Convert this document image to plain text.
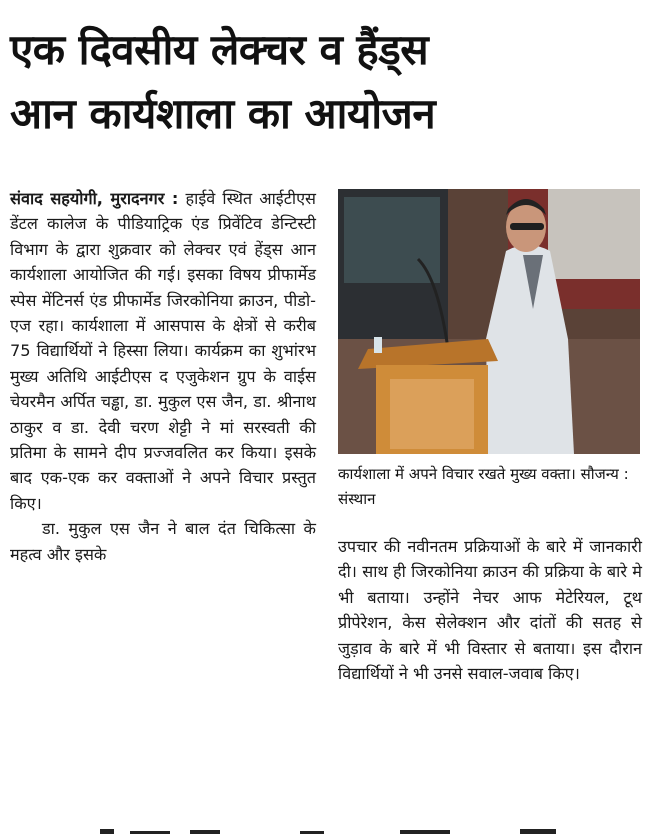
एक दिवसीय लेक्चर व हैंड्स
आन कार्यशाला का आयोजन

संवाद सहयोगी, मुरादनगर : हाईवे स्थित आईटीएस डेंटल कालेज के पीडियाट्रिक एंड प्रिवेंटिव डेन्टिस्टी विभाग के द्वारा शुक्रवार को लेक्चर एवं हेंड्स आन कार्यशाला आयोजित की गई। इसका विषय प्रीफार्मेड स्पेस मेंटिनर्स एंड प्रीफार्मेड जिरकोनिया क्राउन, पीडो-एज रहा। कार्यशाला में आसपास के क्षेत्रों से करीब 75 विद्यार्थियों ने हिस्सा लिया। कार्यक्रम का शुभांरभ मुख्य अतिथि आईटीएस द एजुकेशन ग्रुप के वाईस चेयरमैन अर्पित चड्ढा, डा. मुकुल एस जैन, डा. श्रीनाथ ठाकुर व डा. देवी चरण शेट्टी ने मां सरस्वती की प्रतिमा के सामने दीप प्रज्जवलित कर किया। इसके बाद एक-एक कर वक्ताओं ने अपने विचार प्रस्तुत किए।

डा. मुकुल एस जैन ने बाल दंत चिकित्सा के महत्व और इसके

कार्यशाला में अपने विचार रखते मुख्य वक्ता। सौजन्य : संस्थान

उपचार की नवीनतम प्रक्रियाओं के बारे में जानकारी दी। साथ ही जिरकोनिया क्राउन की प्रक्रिया के बारे मे भी बताया। उन्होंने नेचर आफ मेटेरियल, टूथ प्रीपेरेशन, केस सेलेक्शन और दांतों की सतह से जुड़ाव के बारे में भी विस्तार से बताया। इस दौरान विद्यार्थियों ने भी उनसे सवाल-जवाब किए।
